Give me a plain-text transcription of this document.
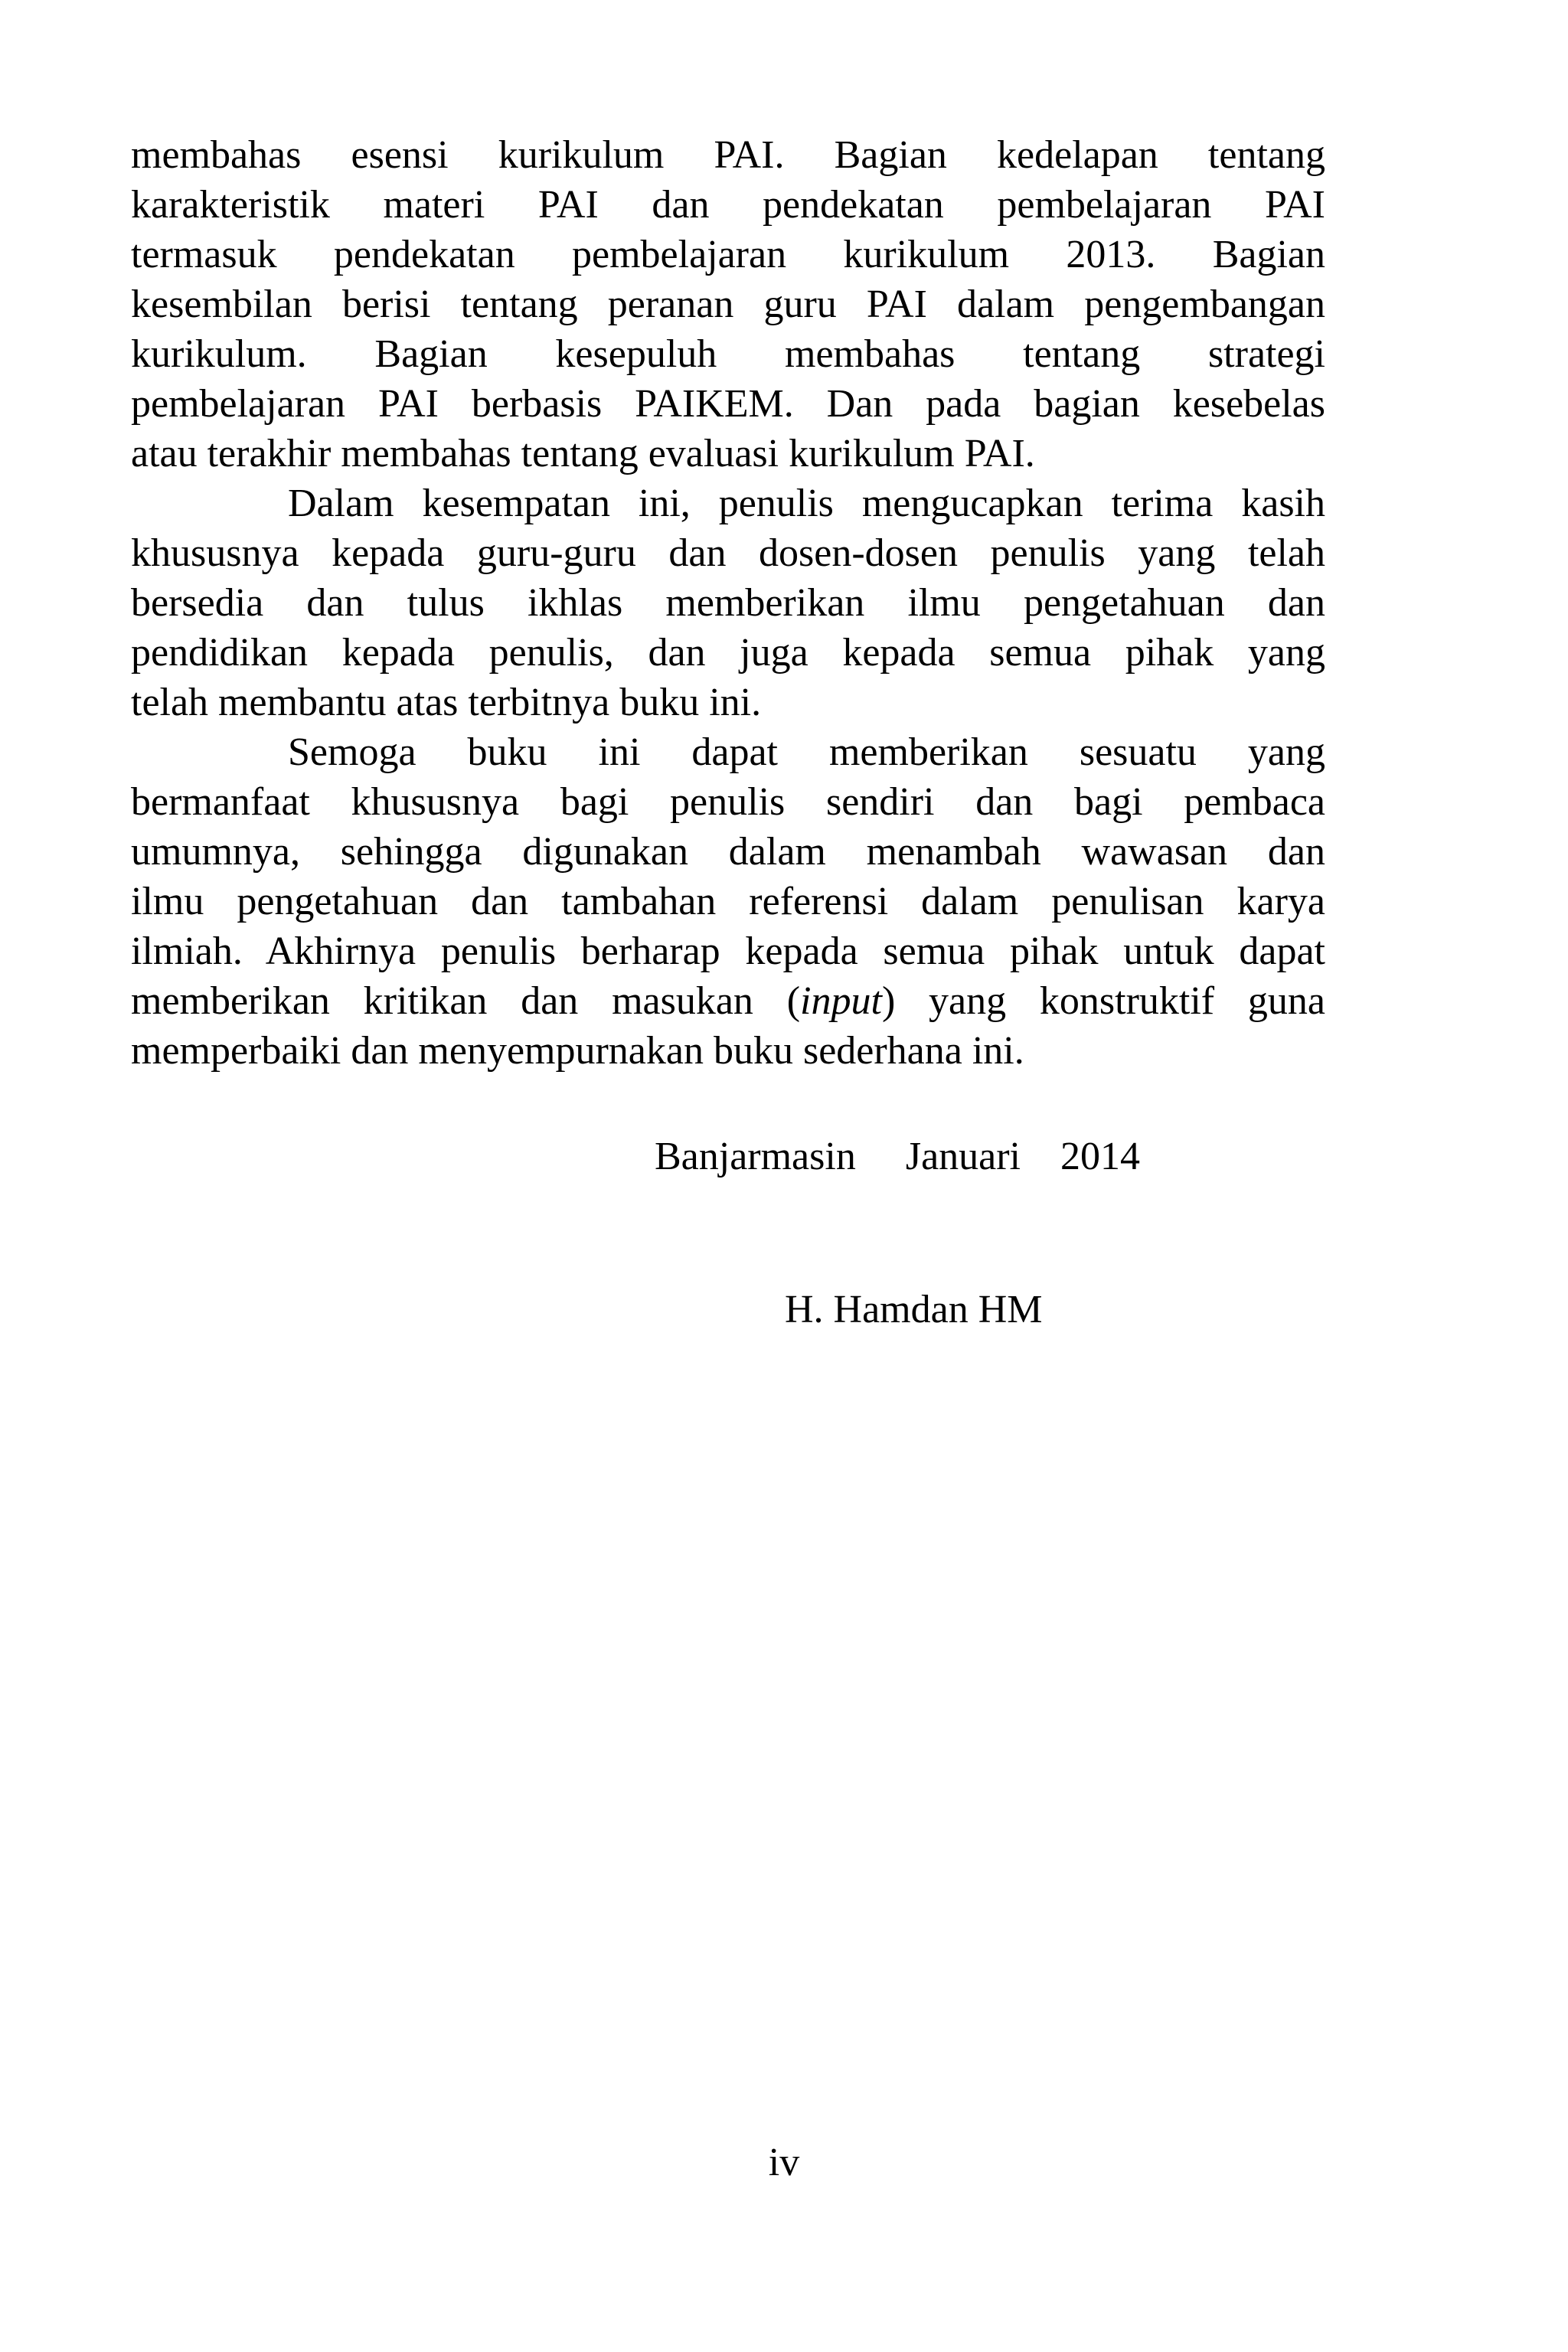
membahas esensi kurikulum PAI. Bagian kedelapan tentang
karakteristik materi PAI dan pendekatan pembelajaran PAI
termasuk pendekatan pembelajaran kurikulum 2013. Bagian
kesembilan berisi tentang peranan guru PAI dalam pengembangan
kurikulum. Bagian kesepuluh membahas tentang strategi
pembelajaran PAI berbasis PAIKEM. Dan pada bagian kesebelas
atau terakhir membahas tentang evaluasi kurikulum PAI.
Dalam kesempatan ini, penulis mengucapkan terima kasih
khususnya kepada guru-guru dan dosen-dosen penulis yang telah
bersedia dan tulus ikhlas memberikan ilmu pengetahuan dan
pendidikan kepada penulis, dan juga kepada semua pihak yang
telah membantu atas terbitnya buku ini.
Semoga buku ini dapat memberikan sesuatu yang
bermanfaat khususnya bagi penulis sendiri dan bagi pembaca
umumnya, sehingga digunakan dalam menambah wawasan dan
ilmu pengetahuan dan tambahan referensi dalam penulisan karya
ilmiah. Akhirnya penulis berharap kepada semua pihak untuk dapat
memberikan kritikan dan masukan (input) yang konstruktif guna
memperbaiki dan menyempurnakan buku sederhana ini.
Banjarmasin Januari 2014
H. Hamdan HM
iv
